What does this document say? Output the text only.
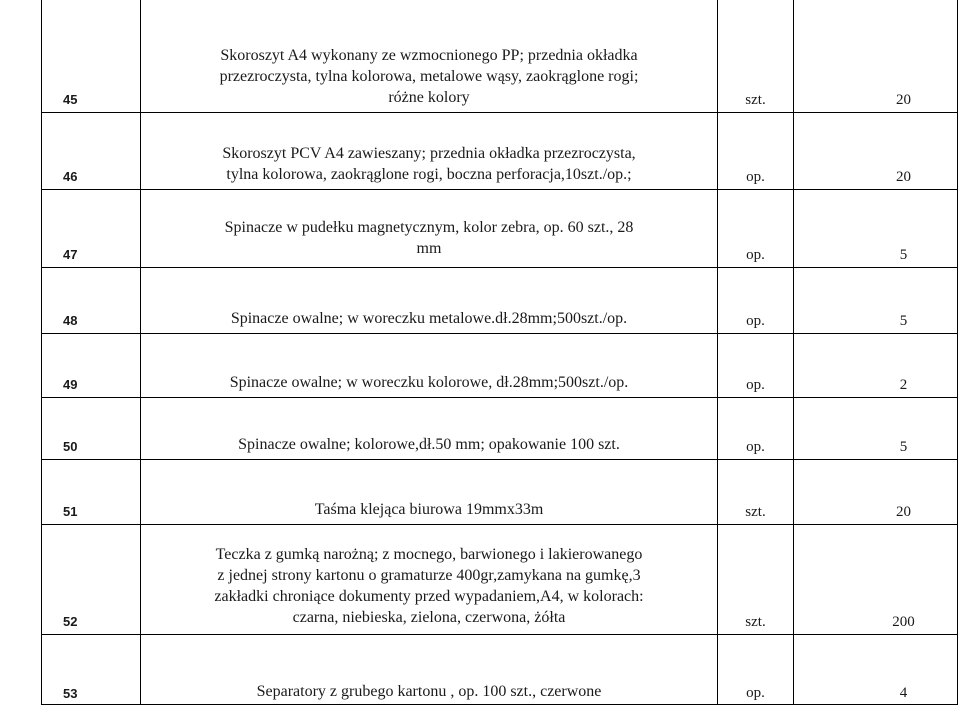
45	Skoroszyt A4 wykonany ze wzmocnionego PP; przednia okładka
przezroczysta, tylna kolorowa, metalowe wąsy, zaokrąglone rogi;
różne kolory	szt.	20
46	Skoroszyt PCV A4 zawieszany; przednia okładka przezroczysta,
tylna kolorowa, zaokrąglone rogi, boczna perforacja,10szt./op.;	op.	20
47	Spinacze w pudełku magnetycznym, kolor zebra, op. 60 szt., 28
mm	op.	5
48	Spinacze owalne; w woreczku metalowe.dł.28mm;500szt./op.	op.	5
49	Spinacze owalne; w woreczku kolorowe, dł.28mm;500szt./op.	op.	2
50	Spinacze owalne; kolorowe,dł.50 mm; opakowanie 100 szt.	op.	5
51	Taśma klejąca biurowa 19mmx33m	szt.	20
52	Teczka z gumką narożną; z mocnego, barwionego i lakierowanego
z jednej strony kartonu o gramaturze 400gr,zamykana na gumkę,3
zakładki chroniące dokumenty przed wypadaniem,A4, w kolorach:
czarna, niebieska, zielona, czerwona, żółta	szt.	200
53	Separatory z grubego kartonu , op. 100 szt., czerwone	op.	4
